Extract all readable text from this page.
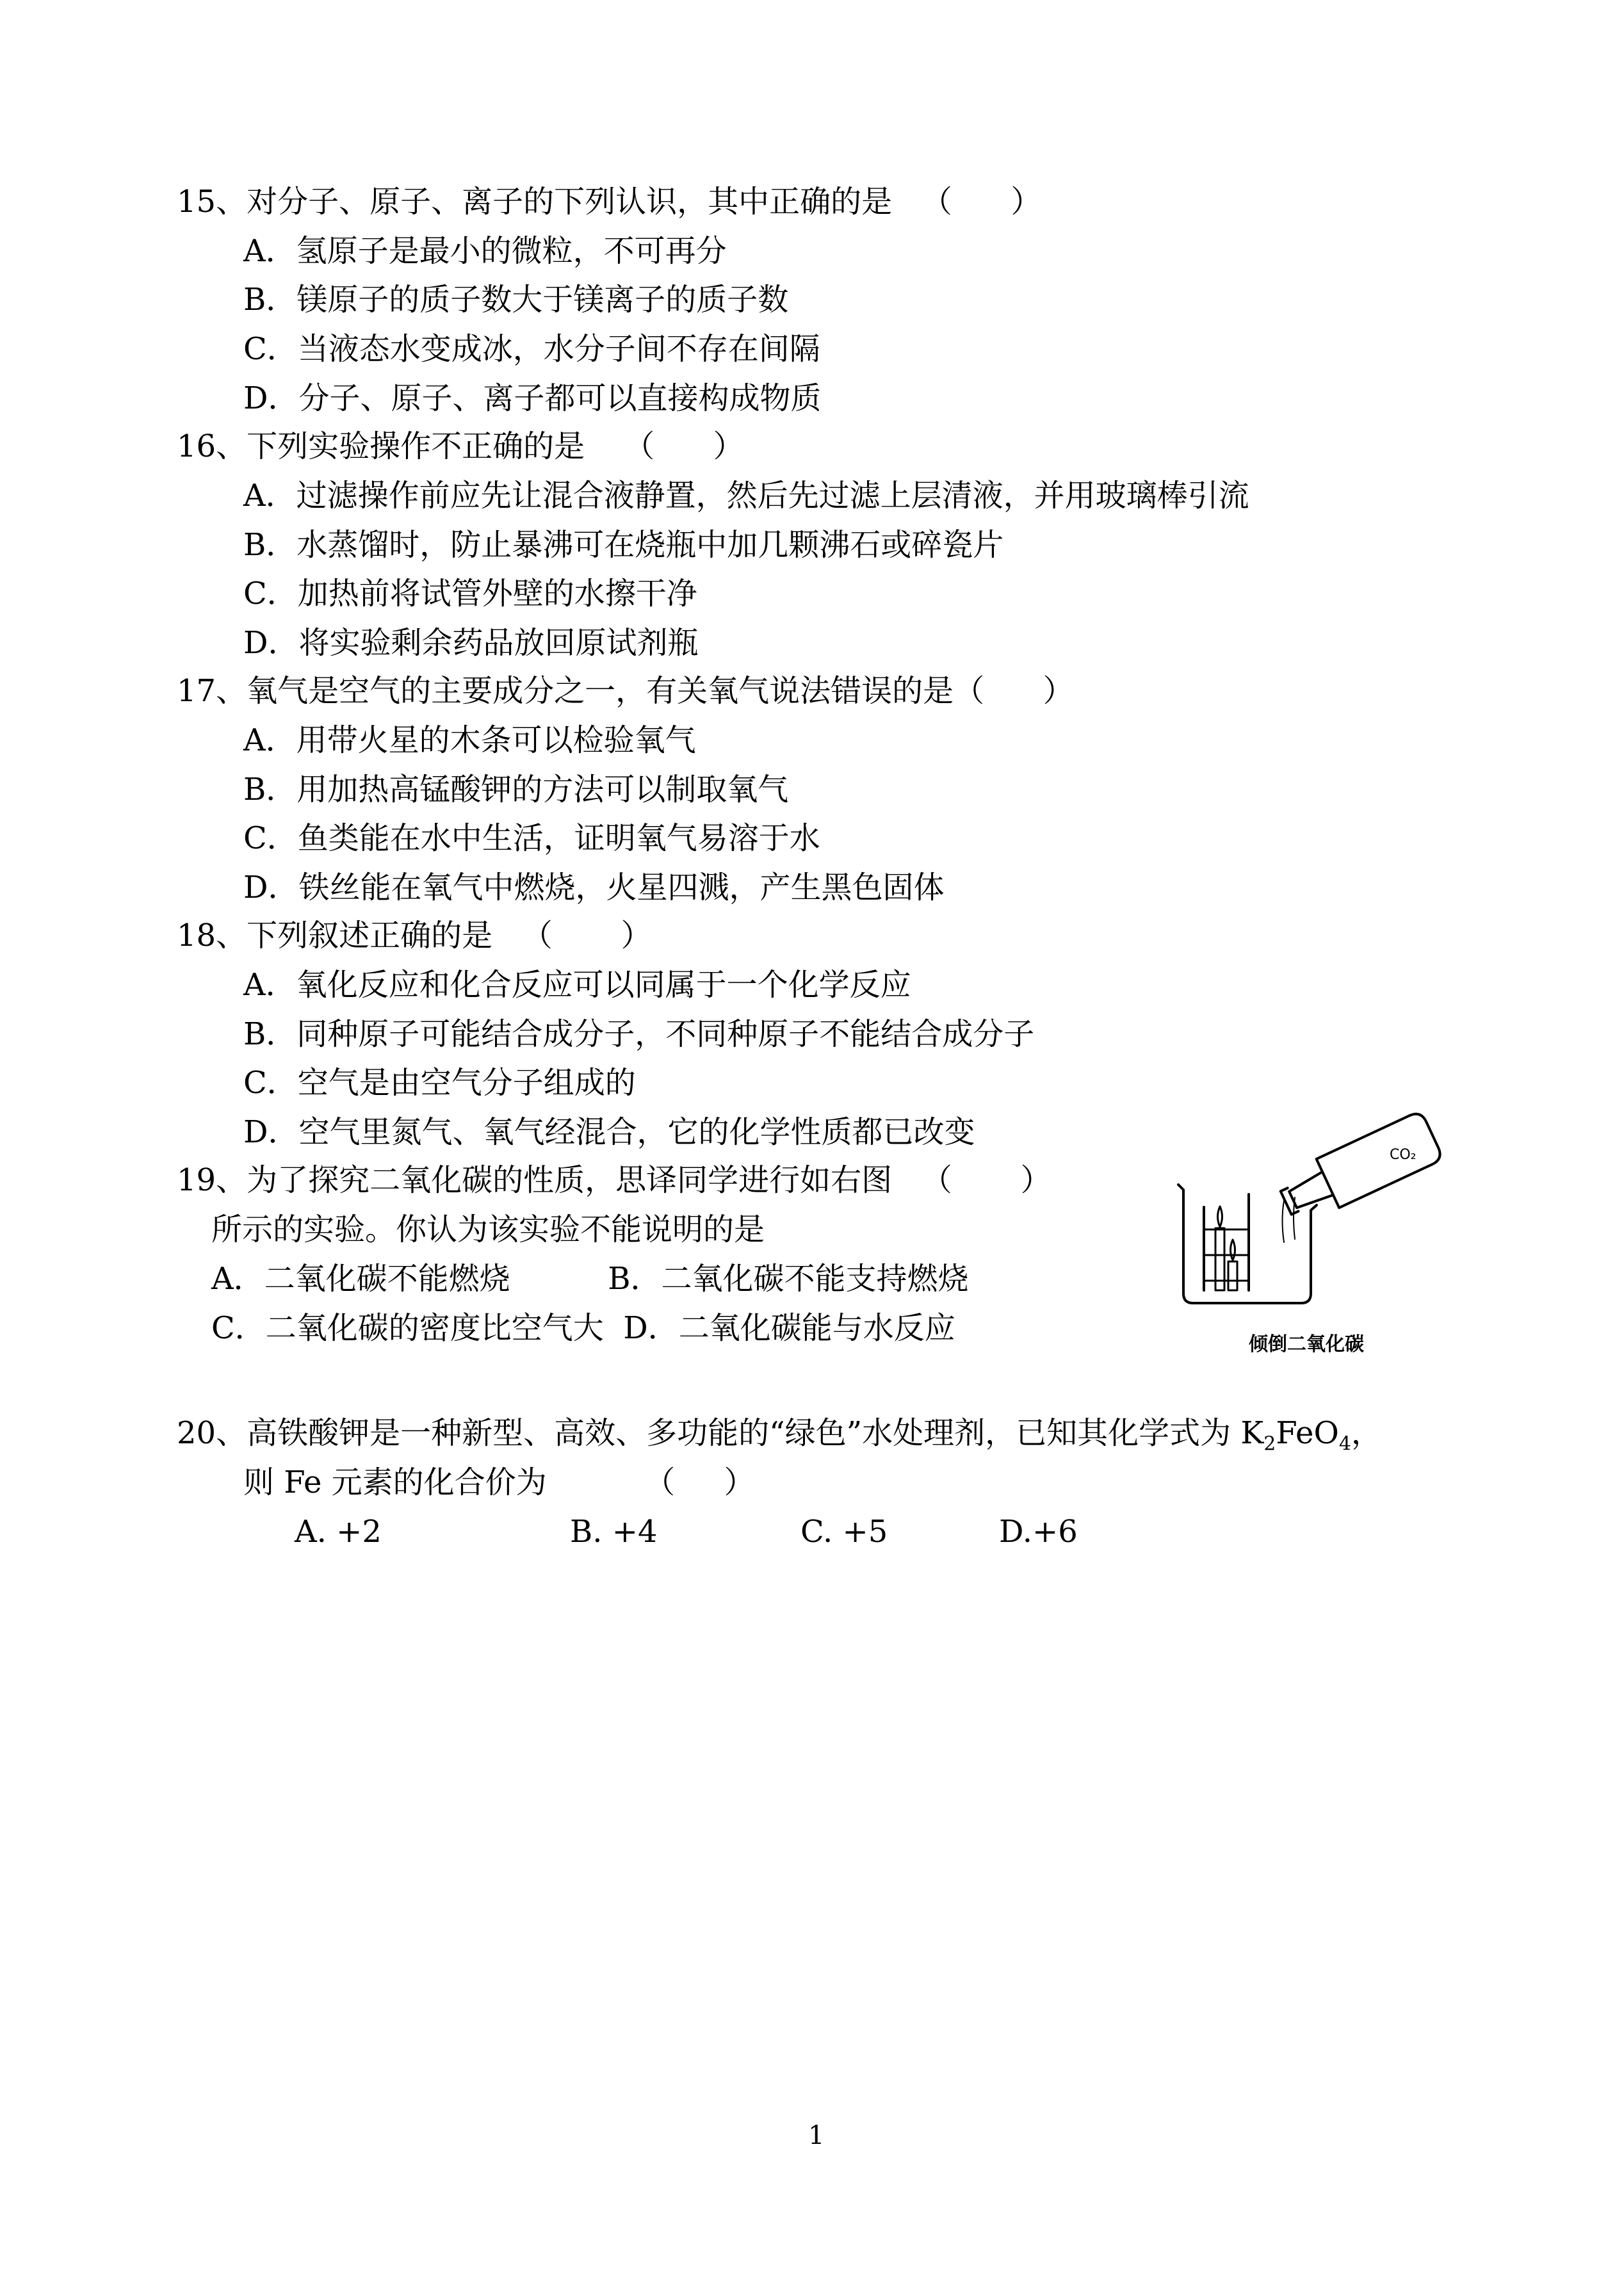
15、对分子、原子、离子的下列认识，其中正确的是   （      ）
A．氢原子是最小的微粒，不可再分
B．镁原子的质子数大于镁离子的质子数
C．当液态水变成冰，水分子间不存在间隔
D．分子、原子、离子都可以直接构成物质
16、下列实验操作不正确的是    （      ）
A．过滤操作前应先让混合液静置，然后先过滤上层清液，并用玻璃棒引流
B．水蒸馏时，防止暴沸可在烧瓶中加几颗沸石或碎瓷片
C．加热前将试管外壁的水擦干净
D．将实验剩余药品放回原试剂瓶
17、氧气是空气的主要成分之一，有关氧气说法错误的是（      ）
A．用带火星的木条可以检验氧气
B．用加热高锰酸钾的方法可以制取氧气
C．鱼类能在水中生活，证明氧气易溶于水
D．铁丝能在氧气中燃烧，火星四溅，产生黑色固体
18、下列叙述正确的是   （       ）
A．氧化反应和化合反应可以同属于一个化学反应
B．同种原子可能结合成分子，不同种原子不能结合成分子
C．空气是由空气分子组成的
D．空气里氮气、氧气经混合，它的化学性质都已改变
19、为了探究二氧化碳的性质，思译同学进行如右图   （       ）
所示的实验。你认为该实验不能说明的是
A．二氧化碳不能燃烧          B．二氧化碳不能支持燃烧
C．二氧化碳的密度比空气大  D．二氧化碳能与水反应
CO₂
倾倒二氧化碳
20、高铁酸钾是一种新型、高效、多功能的“绿色”水处理剂，已知其化学式为 $K_2FeO_4$，
则 Fe 元素的化合价为          （     ）
A. +2	B. +4	C. +5	D.+6
1
